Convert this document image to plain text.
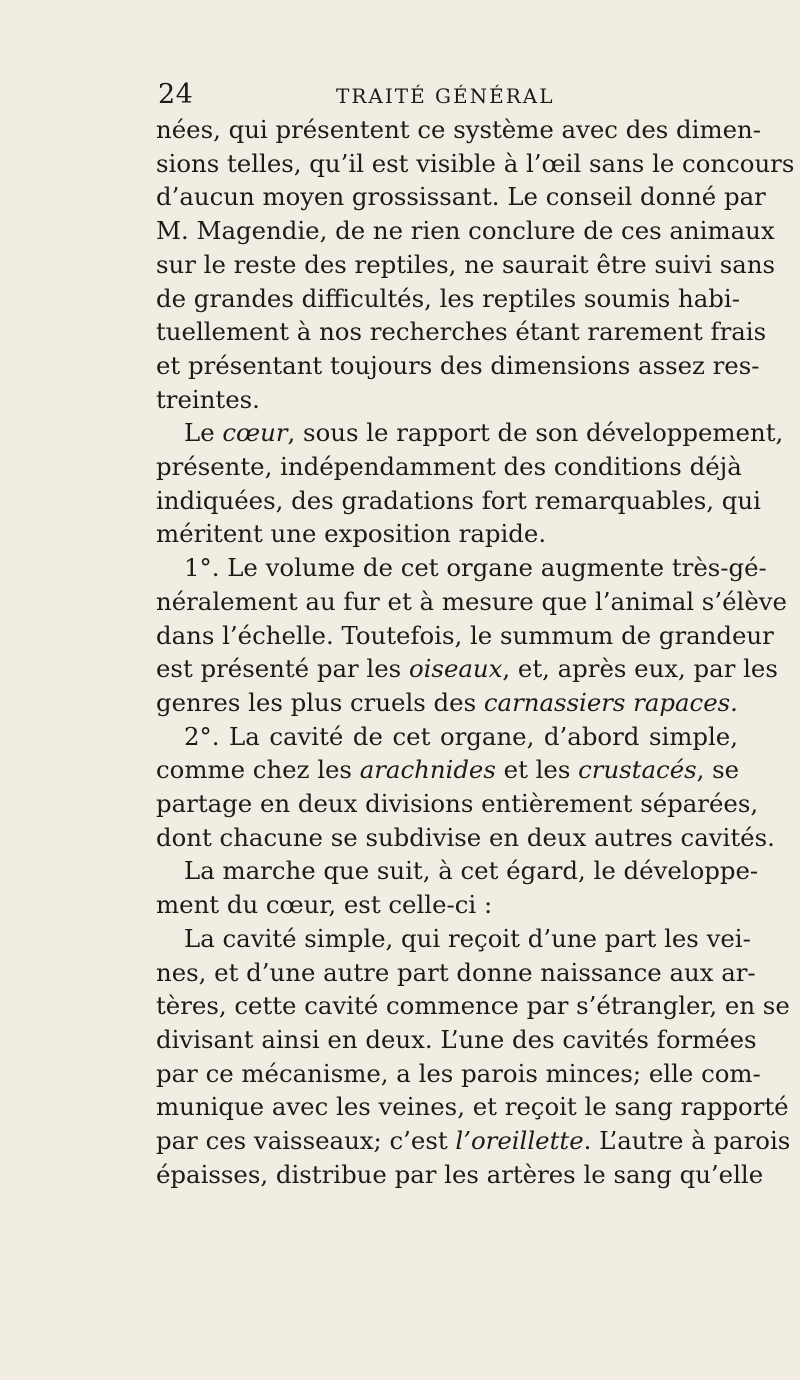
24	TRAITÉ GÉNÉRAL
nées, qui présentent ce système avec des dimen-
sions telles, qu’il est visible à l’œil sans le concours
d’aucun moyen grossissant. Le conseil donné par
M. Magendie, de ne rien conclure de ces animaux
sur le reste des reptiles, ne saurait être suivi sans
de grandes difficultés, les reptiles soumis habi-
tuellement à nos recherches étant rarement frais
et présentant toujours des dimensions assez res-
treintes.
Le cœur, sous le rapport de son développement,
présente, indépendamment des conditions déjà
indiquées, des gradations fort remarquables, qui
méritent une exposition rapide.
1°. Le volume de cet organe augmente très-gé-
néralement au fur et à mesure que l’animal s’élève
dans l’échelle. Toutefois, le summum de grandeur
est présenté par les oiseaux, et, après eux, par les
genres les plus cruels des carnassiers rapaces.
2°. La cavité de cet organe, d’abord simple,
comme chez les arachnides et les crustacés, se
partage en deux divisions entièrement séparées,
dont chacune se subdivise en deux autres cavités.
La marche que suit, à cet égard, le développe-
ment du cœur, est celle-ci :
La cavité simple, qui reçoit d’une part les vei-
nes, et d’une autre part donne naissance aux ar-
tères, cette cavité commence par s’étrangler, en se
divisant ainsi en deux. L’une des cavités formées
par ce mécanisme, a les parois minces; elle com-
munique avec les veines, et reçoit le sang rapporté
par ces vaisseaux; c’est l’oreillette. L’autre à parois
épaisses, distribue par les artères le sang qu’elle
